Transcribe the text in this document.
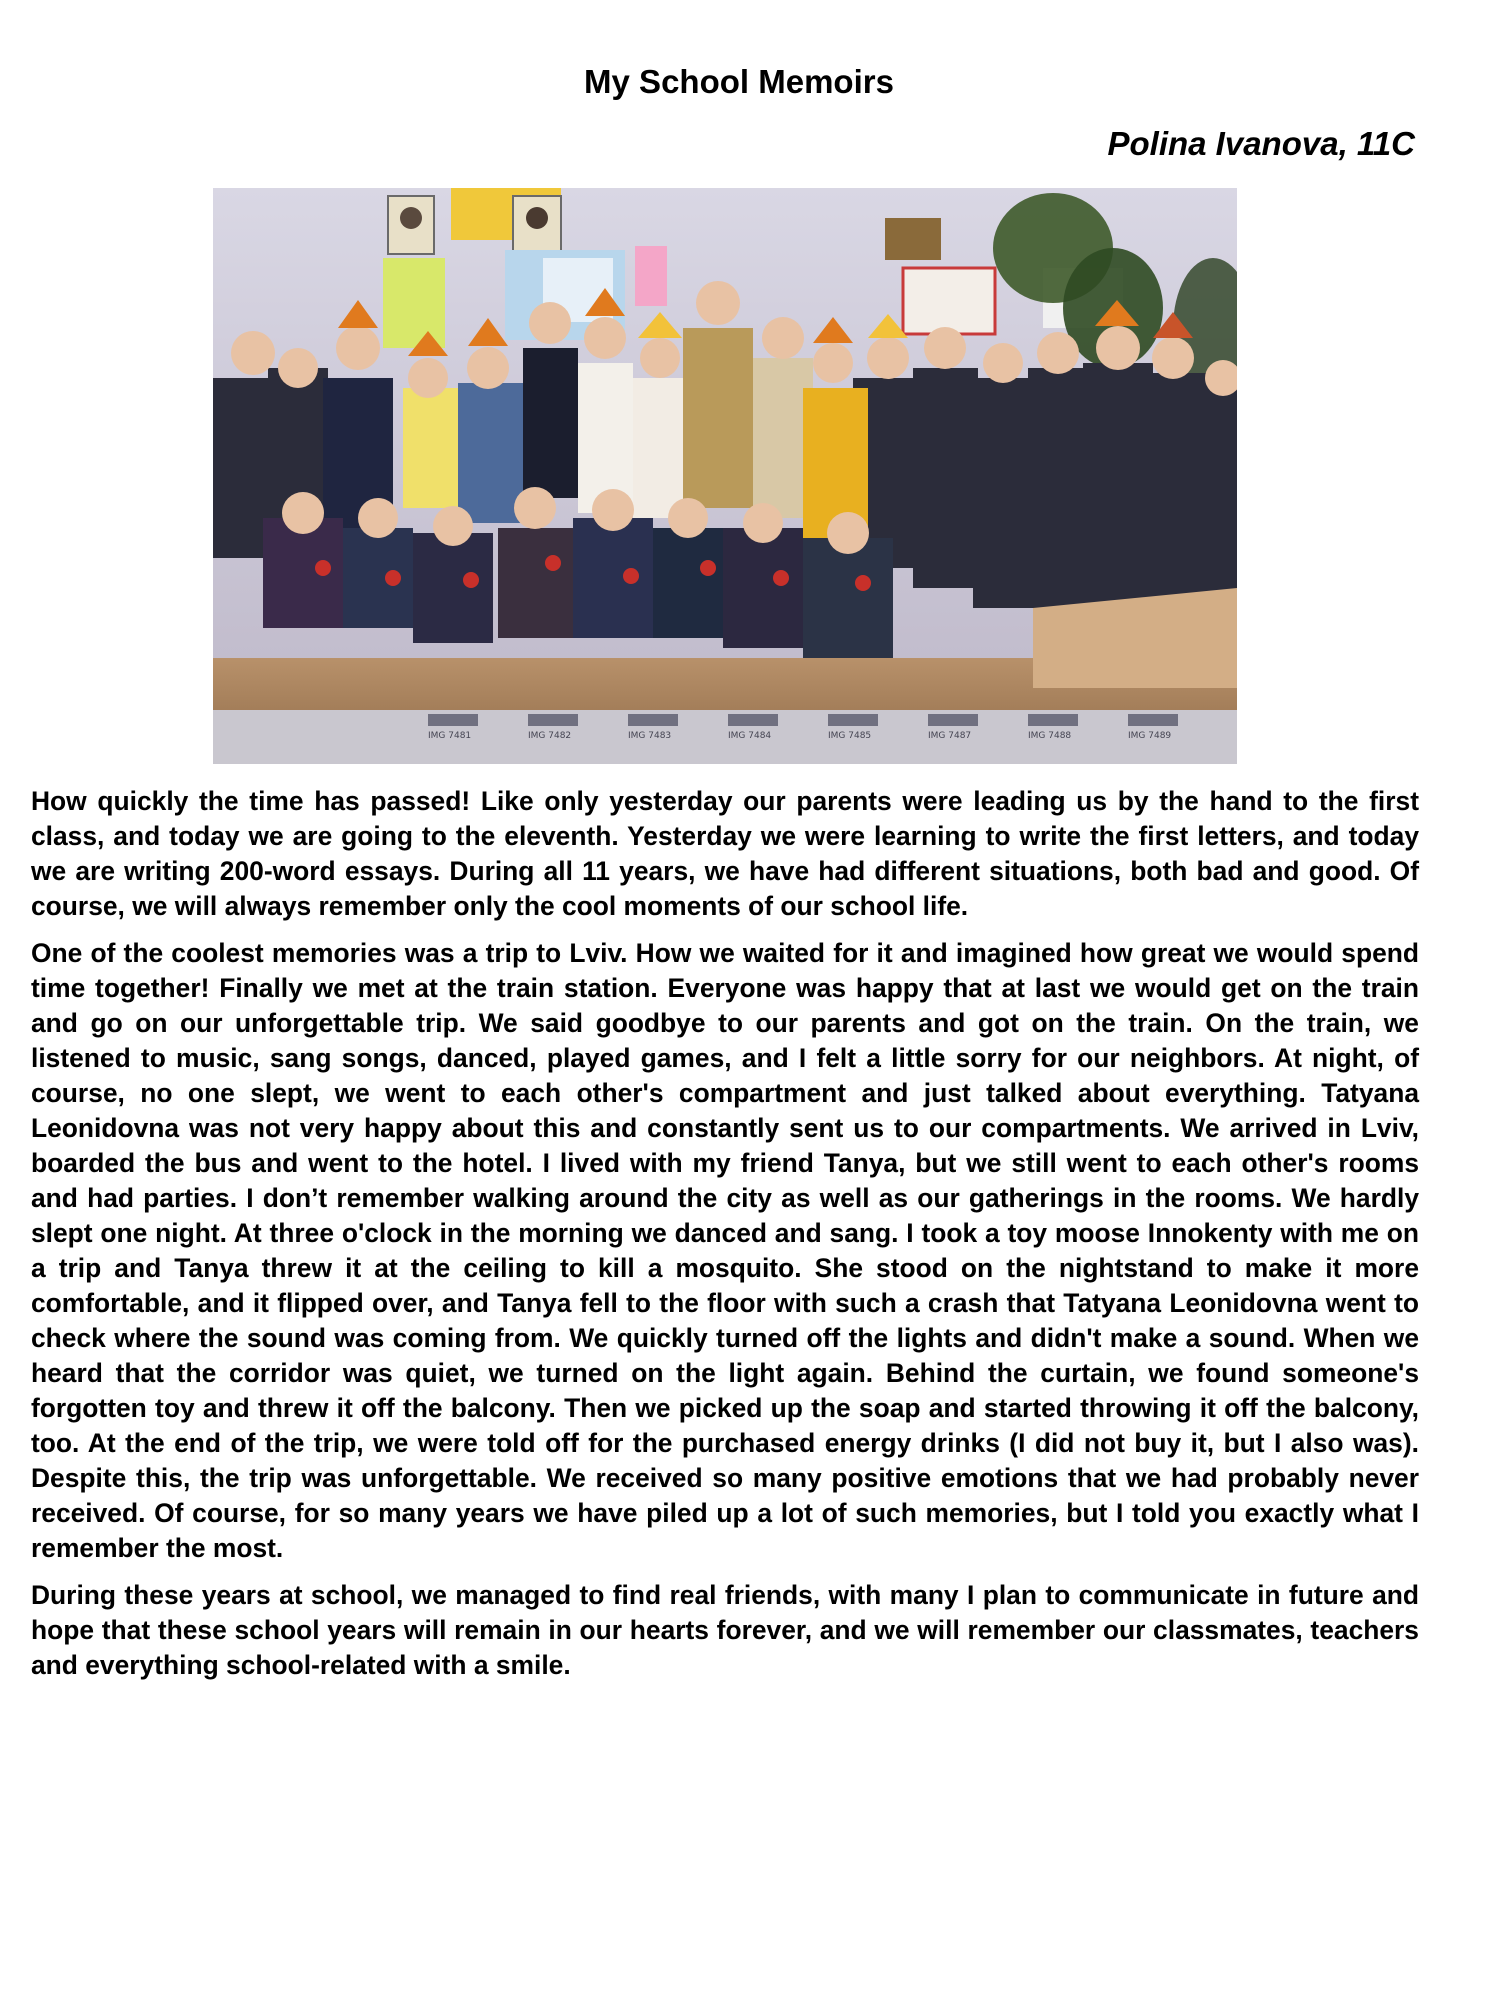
My School Memoirs
Polina Ivanova, 11C
IMG 7481	IMG 7482	IMG 7483	IMG 7484	IMG 7485	IMG 7487	IMG 7488	IMG 7489

How quickly the time has passed! Like only yesterday our parents were leading us by the hand to the first class, and today we are going to the eleventh. Yesterday we were learning to write the first letters, and today we are writing 200-word essays. During all 11 years, we have had different situations, both bad and good. Of course, we will always remember only the cool moments of our school life.

One of the coolest memories was a trip to Lviv. How we waited for it and imagined how great we would spend time together! Finally we met at the train station. Everyone was happy that at last we would get on the train and go on our unforgettable trip. We said goodbye to our parents and got on the train. On the train, we listened to music, sang songs, danced, played games, and I felt a little sorry for our neighbors. At night, of course, no one slept, we went to each other's compartment and just talked about everything. Tatyana Leonidovna was not very happy about this and constantly sent us to our compartments. We arrived in Lviv, boarded the bus and went to the hotel. I lived with my friend Tanya, but we still went to each other's rooms and had parties. I don’t remember walking around the city as well as our gatherings in the rooms. We hardly slept one night. At three o'clock in the morning we danced and sang. I took a toy moose Innokenty with me on a trip and Tanya threw it at the ceiling to kill a mosquito. She stood on the nightstand to make it more comfortable, and it flipped over, and Tanya fell to the floor with such a crash that Tatyana Leonidovna went to check where the sound was coming from. We quickly turned off the lights and didn't make a sound. When we heard that the corridor was quiet, we turned on the light again. Behind the curtain, we found someone's forgotten toy and threw it off the balcony. Then we picked up the soap and started throwing it off the balcony, too. At the end of the trip, we were told off for the purchased energy drinks (I did not buy it, but I also was). Despite this, the trip was unforgettable. We received so many positive emotions that we had probably never received. Of course, for so many years we have piled up a lot of such memories, but I told you exactly what I remember the most.

During these years at school, we managed to find real friends, with many I plan to communicate in future and hope that these school years will remain in our hearts forever, and we will remember our classmates, teachers and everything school-related with a smile.
